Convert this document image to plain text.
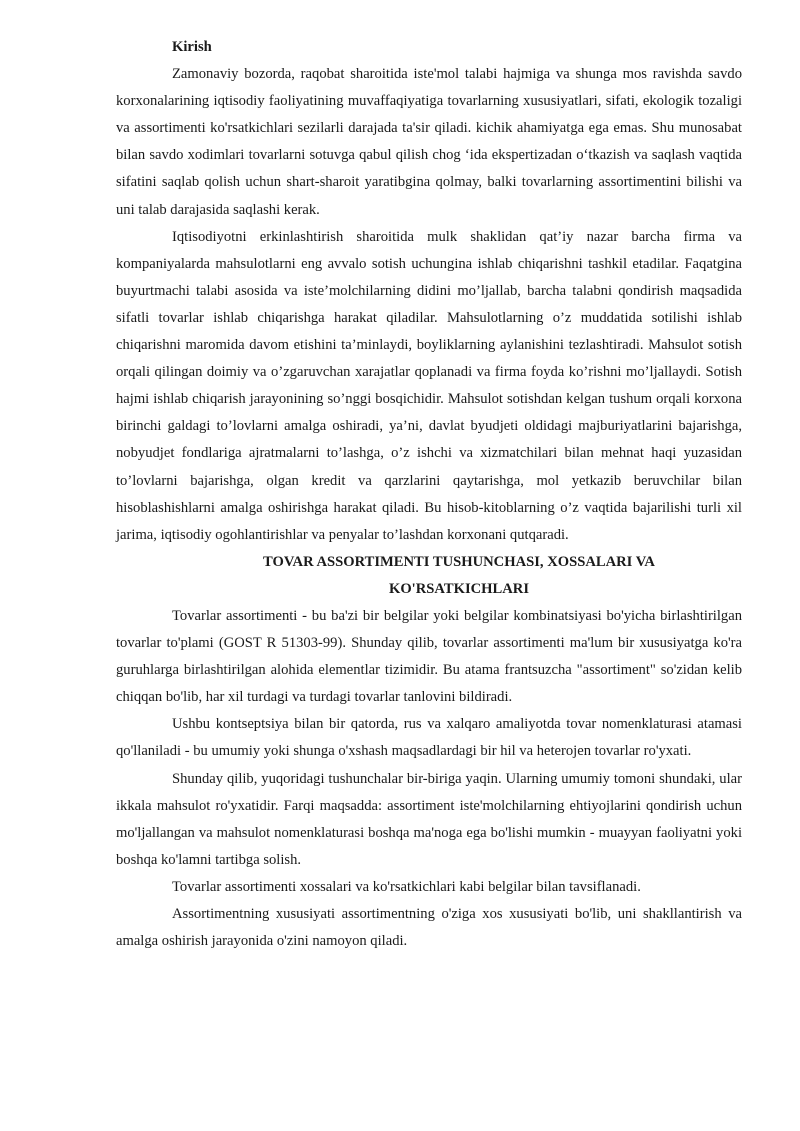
Kirish

Zamonaviy bozorda, raqobat sharoitida iste'mol talabi hajmiga va shunga mos ravishda savdo korxonalarining iqtisodiy faoliyatining muvaffaqiyatiga tovarlarning xususiyatlari, sifati, ekologik tozaligi va assortimenti ko'rsatkichlari sezilarli darajada ta'sir qiladi. kichik ahamiyatga ega emas. Shu munosabat bilan savdo xodimlari tovarlarni sotuvga qabul qilish chog ‘ida ekspertizadan o‘tkazish va saqlash vaqtida sifatini saqlab qolish uchun shart-sharoit yaratibgina qolmay, balki tovarlarning assortimentini bilishi va uni talab darajasida saqlashi kerak.

Iqtisodiyotni erkinlashtirish sharoitida mulk shaklidan qat’iy nazar barcha firma va kompaniyalarda mahsulotlarni eng avvalo sotish uchungina ishlab chiqarishni tashkil etadilar. Faqatgina buyurtmachi talabi asosida va iste’molchilarning didini mo’ljallab, barcha talabni qondirish maqsadida sifatli tovarlar ishlab chiqarishga harakat qiladilar. Mahsulotlarning o’z muddatida sotilishi ishlab chiqarishni maromida davom etishini ta’minlaydi, boyliklarning aylanishini tezlashtiradi. Mahsulot sotish orqali qilingan doimiy va o’zgaruvchan xarajatlar qoplanadi va firma foyda ko’rishni mo’ljallaydi. Sotish hajmi ishlab chiqarish jarayonining so’nggi bosqichidir. Mahsulot sotishdan kelgan tushum orqali korxona birinchi galdagi to’lovlarni amalga oshiradi, ya’ni, davlat byudjeti oldidagi majburiyatlarini bajarishga, nobyudjet fondlariga ajratmalarni to’lashga, o’z ishchi va xizmatchilari bilan mehnat haqi yuzasidan to’lovlarni bajarishga, olgan kredit va qarzlarini qaytarishga, mol yetkazib beruvchilar bilan hisoblashishlarni amalga oshirishga harakat qiladi. Bu hisob-kitoblarning o’z vaqtida bajarilishi turli xil jarima, iqtisodiy ogohlantirishlar va penyalar to’lashdan korxonani qutqaradi.

TOVAR ASSORTIMENTI TUSHUNCHASI, XOSSALARI VA

KO'RSATKICHLARI

Tovarlar assortimenti - bu ba'zi bir belgilar yoki belgilar kombinatsiyasi bo'yicha birlashtirilgan tovarlar to'plami (GOST R 51303-99). Shunday qilib, tovarlar assortimenti ma'lum bir xususiyatga ko'ra guruhlarga birlashtirilgan alohida elementlar tizimidir. Bu atama frantsuzcha "assortiment" so'zidan kelib chiqqan bo'lib, har xil turdagi va turdagi tovarlar tanlovini bildiradi.

Ushbu kontseptsiya bilan bir qatorda, rus va xalqaro amaliyotda tovar nomenklaturasi atamasi qo'llaniladi - bu umumiy yoki shunga o'xshash maqsadlardagi bir hil va heterojen tovarlar ro'yxati.

Shunday qilib, yuqoridagi tushunchalar bir-biriga yaqin. Ularning umumiy tomoni shundaki, ular ikkala mahsulot ro'yxatidir. Farqi maqsadda: assortiment iste'molchilarning ehtiyojlarini qondirish uchun mo'ljallangan va mahsulot nomenklaturasi boshqa ma'noga ega bo'lishi mumkin - muayyan faoliyatni yoki boshqa ko'lamni tartibga solish.

Tovarlar assortimenti xossalari va ko'rsatkichlari kabi belgilar bilan tavsiflanadi.

Assortimentning xususiyati assortimentning o'ziga xos xususiyati bo'lib, uni shakllantirish va amalga oshirish jarayonida o'zini namoyon qiladi.
